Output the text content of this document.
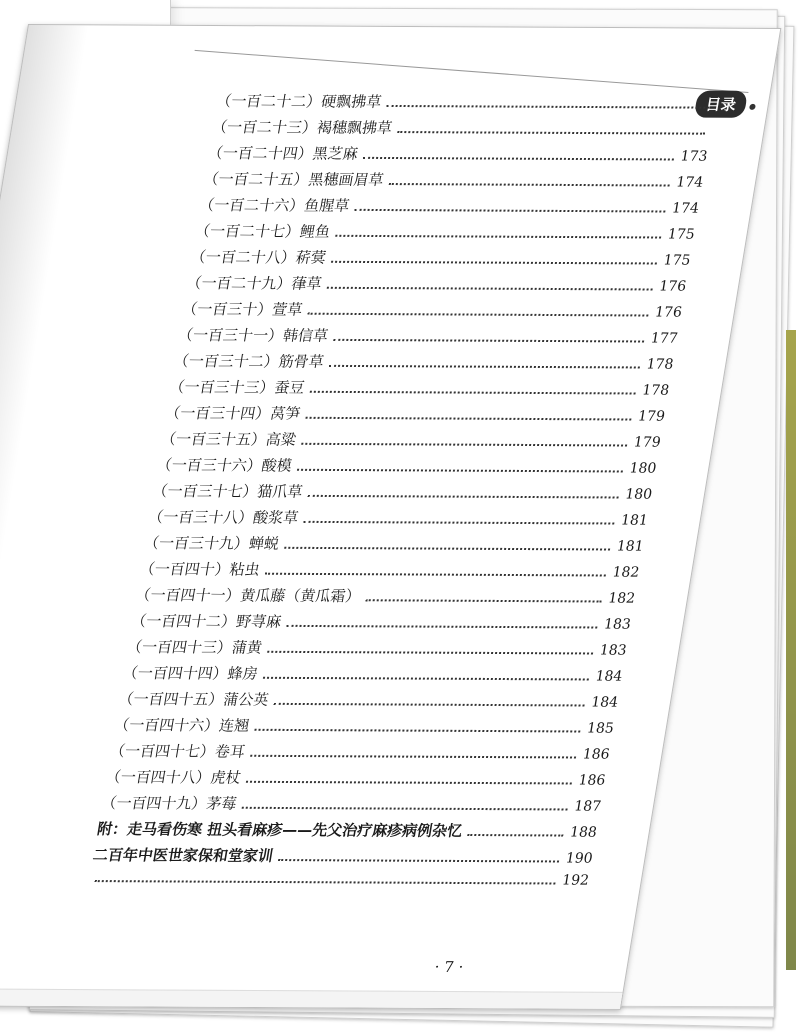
目录
（一百二十二）硬飘拂草
（一百二十三）褐穗飘拂草
（一百二十四）黑芝麻	173
（一百二十五）黑穗画眉草	174
（一百二十六）鱼腥草	174
（一百二十七）鲤鱼	175
（一百二十八）菥蓂	175
（一百二十九）葎草	176
（一百三十）萱草	176
（一百三十一）韩信草	177
（一百三十二）筋骨草	178
（一百三十三）蚕豆	178
（一百三十四）莴笋	179
（一百三十五）高粱	179
（一百三十六）酸模	180
（一百三十七）猫爪草	180
（一百三十八）酸浆草	181
（一百三十九）蝉蜕	181
（一百四十）粘虫	182
（一百四十一）黄瓜藤（黄瓜霜）	182
（一百四十二）野荨麻	183
（一百四十三）蒲黄	183
（一百四十四）蜂房	184
（一百四十五）蒲公英	184
（一百四十六）连翘	185
（一百四十七）卷耳	186
（一百四十八）虎杖	186
（一百四十九）茅莓	187
附：走马看伤寒 扭头看麻疹——先父治疗麻疹病例杂忆	188
二百年中医世家保和堂家训	190
192
· 7 ·
